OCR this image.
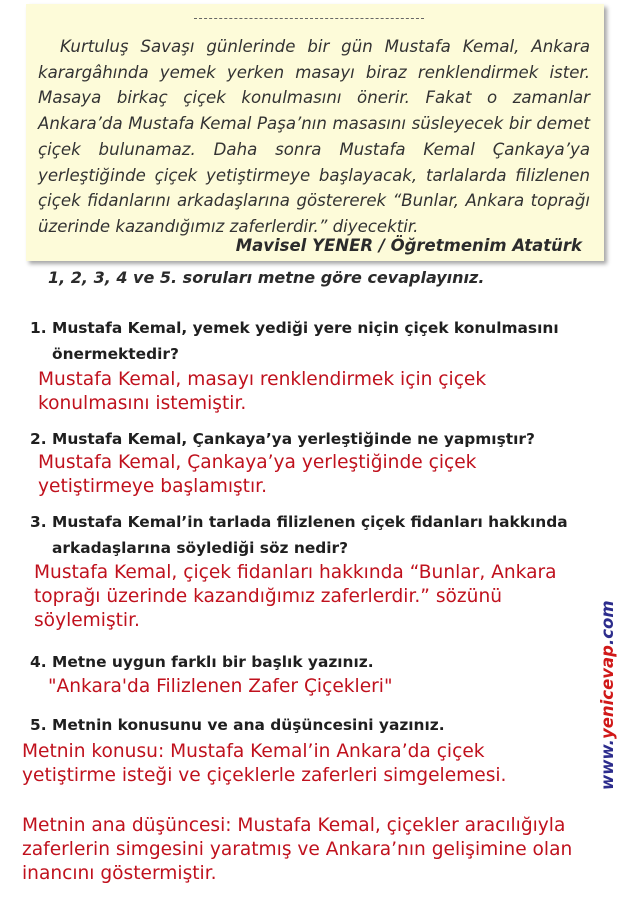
Kurtuluş Savaşı günlerinde bir gün Mustafa Kemal, Ankara karargâhında yemek yerken masayı biraz renklendirmek ister. Masaya birkaç çiçek konulmasını önerir. Fakat o zamanlar Ankara’da Mustafa Kemal Paşa’nın masasını süsleyecek bir demet çiçek bulunamaz. Daha sonra Mustafa Kemal Çankaya’ya yerleştiğinde çiçek yetiştirmeye başlayacak, tarlalarda filizlenen çiçek fidanlarını arkadaşlarına göstererek “Bunlar, Ankara toprağı üzerinde kazandığımız zaferlerdir.” diyecektir.
Mavisel YENER / Öğretmenim Atatürk
1, 2, 3, 4 ve 5. soruları metne göre cevaplayınız.
1. Mustafa Kemal, yemek yediği yere niçin çiçek konulmasını önermektedir?
Mustafa Kemal, masayı renklendirmek için çiçek konulmasını istemiştir.
2. Mustafa Kemal, Çankaya’ya yerleştiğinde ne yapmıştır?
Mustafa Kemal, Çankaya’ya yerleştiğinde çiçek yetiştirmeye başlamıştır.
3. Mustafa Kemal’in tarlada filizlenen çiçek fidanları hakkında arkadaşlarına söylediği söz nedir?
Mustafa Kemal, çiçek fidanları hakkında “Bunlar, Ankara toprağı üzerinde kazandığımız zaferlerdir.” sözünü söylemiştir.
4. Metne uygun farklı bir başlık yazınız.
"Ankara'da Filizlenen Zafer Çiçekleri"
5. Metnin konusunu ve ana düşüncesini yazınız.
Metnin konusu: Mustafa Kemal’in Ankara’da çiçek yetiştirme isteği ve çiçeklerle zaferleri simgelemesi.
Metnin ana düşüncesi: Mustafa Kemal, çiçekler aracılığıyla zaferlerin simgesini yaratmış ve Ankara’nın gelişimine olan inancını göstermiştir.
www.yenicevap.com
